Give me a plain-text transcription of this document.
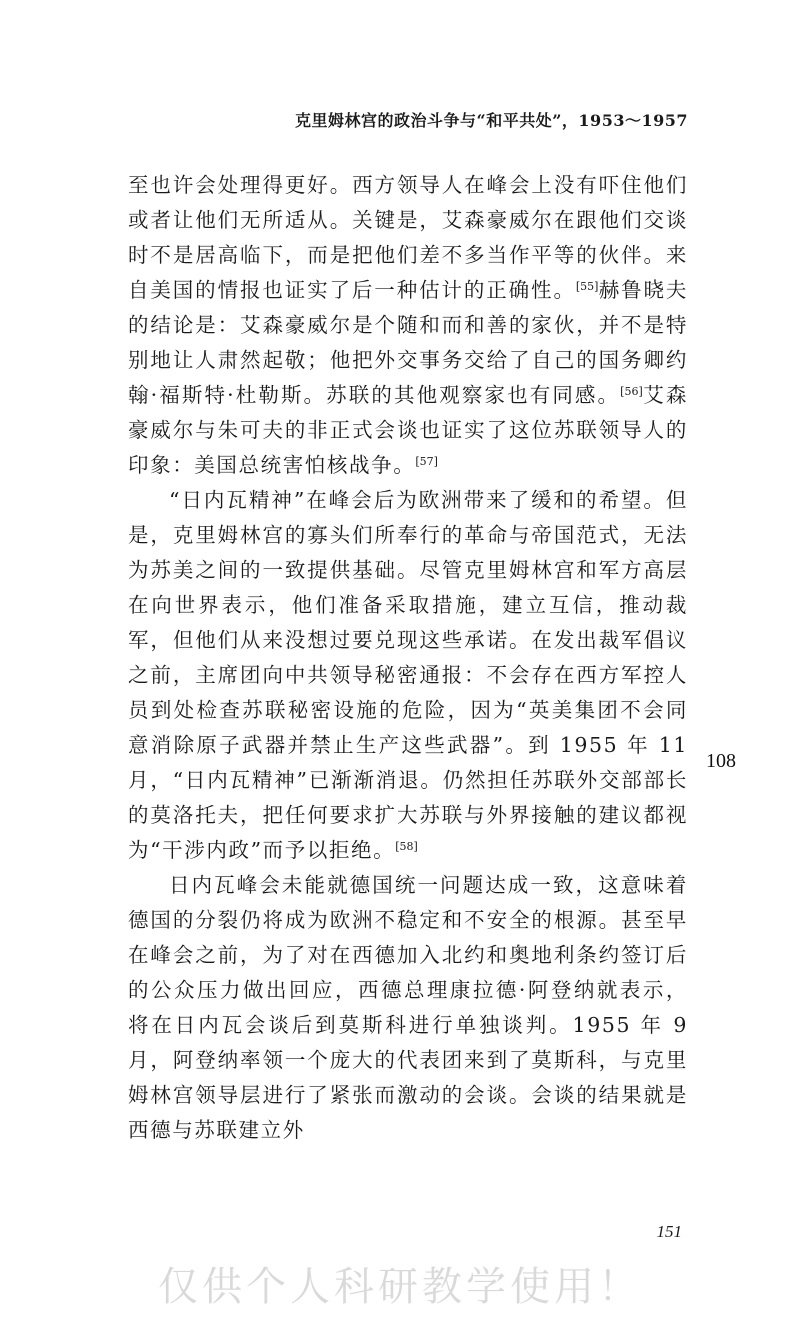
克里姆林宫的政治斗争与“和平共处”，1953～1957

至也许会处理得更好。西方领导人在峰会上没有吓住他们或者让他们无所适从。关键是，艾森豪威尔在跟他们交谈时不是居高临下，而是把他们差不多当作平等的伙伴。来自美国的情报也证实了后一种估计的正确性。[55]赫鲁晓夫的结论是：艾森豪威尔是个随和而和善的家伙，并不是特别地让人肃然起敬；他把外交事务交给了自己的国务卿约翰·福斯特·杜勒斯。苏联的其他观察家也有同感。[56]艾森豪威尔与朱可夫的非正式会谈也证实了这位苏联领导人的印象：美国总统害怕核战争。[57]

“日内瓦精神”在峰会后为欧洲带来了缓和的希望。但是，克里姆林宫的寡头们所奉行的革命与帝国范式，无法为苏美之间的一致提供基础。尽管克里姆林宫和军方高层在向世界表示，他们准备采取措施，建立互信，推动裁军，但他们从来没想过要兑现这些承诺。在发出裁军倡议之前，主席团向中共领导秘密通报：不会存在西方军控人员到处检查苏联秘密设施的危险，因为“英美集团不会同意消除原子武器并禁止生产这些武器”。到 1955 年 11 月，“日内瓦精神”已渐渐消退。仍然担任苏联外交部部长的莫洛托夫，把任何要求扩大苏联与外界接触的建议都视为“干涉内政”而予以拒绝。[58]

日内瓦峰会未能就德国统一问题达成一致，这意味着德国的分裂仍将成为欧洲不稳定和不安全的根源。甚至早在峰会之前，为了对在西德加入北约和奥地利条约签订后的公众压力做出回应，西德总理康拉德·阿登纳就表示，将在日内瓦会谈后到莫斯科进行单独谈判。1955 年 9 月，阿登纳率领一个庞大的代表团来到了莫斯科，与克里姆林宫领导层进行了紧张而激动的会谈。会谈的结果就是西德与苏联建立外

108
151
仅供个人科研教学使用！
